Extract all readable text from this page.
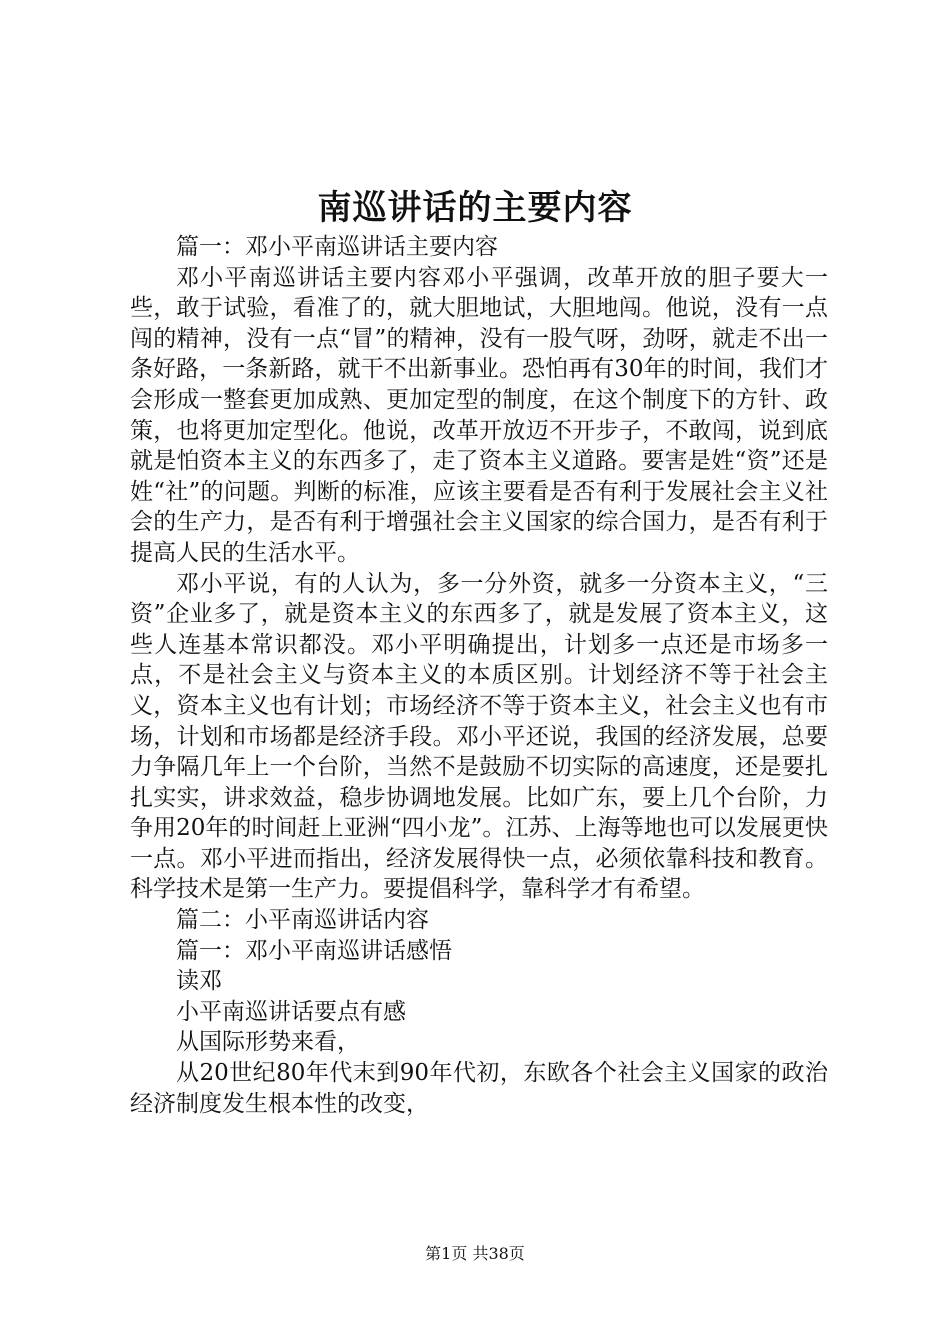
南巡讲话的主要内容

篇一：邓小平南巡讲话主要内容

邓小平南巡讲话主要内容邓小平强调，改革开放的胆子要大一些，敢于试验，看准了的，就大胆地试，大胆地闯。他说，没有一点闯的精神，没有一点“冒”的精神，没有一股气呀，劲呀，就走不出一条好路，一条新路，就干不出新事业。恐怕再有30年的时间，我们才会形成一整套更加成熟、更加定型的制度，在这个制度下的方针、政策，也将更加定型化。他说，改革开放迈不开步子，不敢闯，说到底就是怕资本主义的东西多了，走了资本主义道路。要害是姓“资”还是姓“社”的问题。判断的标准，应该主要看是否有利于发展社会主义社会的生产力，是否有利于增强社会主义国家的综合国力，是否有利于提高人民的生活水平。

邓小平说，有的人认为，多一分外资，就多一分资本主义，“三资”企业多了，就是资本主义的东西多了，就是发展了资本主义，这些人连基本常识都没。邓小平明确提出，计划多一点还是市场多一点，不是社会主义与资本主义的本质区别。计划经济不等于社会主义，资本主义也有计划；市场经济不等于资本主义，社会主义也有市场，计划和市场都是经济手段。邓小平还说，我国的经济发展，总要力争隔几年上一个台阶，当然不是鼓励不切实际的高速度，还是要扎扎实实，讲求效益，稳步协调地发展。比如广东，要上几个台阶，力争用20年的时间赶上亚洲“四小龙”。江苏、上海等地也可以发展更快一点。邓小平进而指出，经济发展得快一点，必须依靠科技和教育。科学技术是第一生产力。要提倡科学，靠科学才有希望。

篇二：小平南巡讲话内容

篇一：邓小平南巡讲话感悟

读邓

小平南巡讲话要点有感

从国际形势来看，

从20世纪80年代末到90年代初，东欧各个社会主义国家的政治经济制度发生根本性的改变，

第1页 共38页
